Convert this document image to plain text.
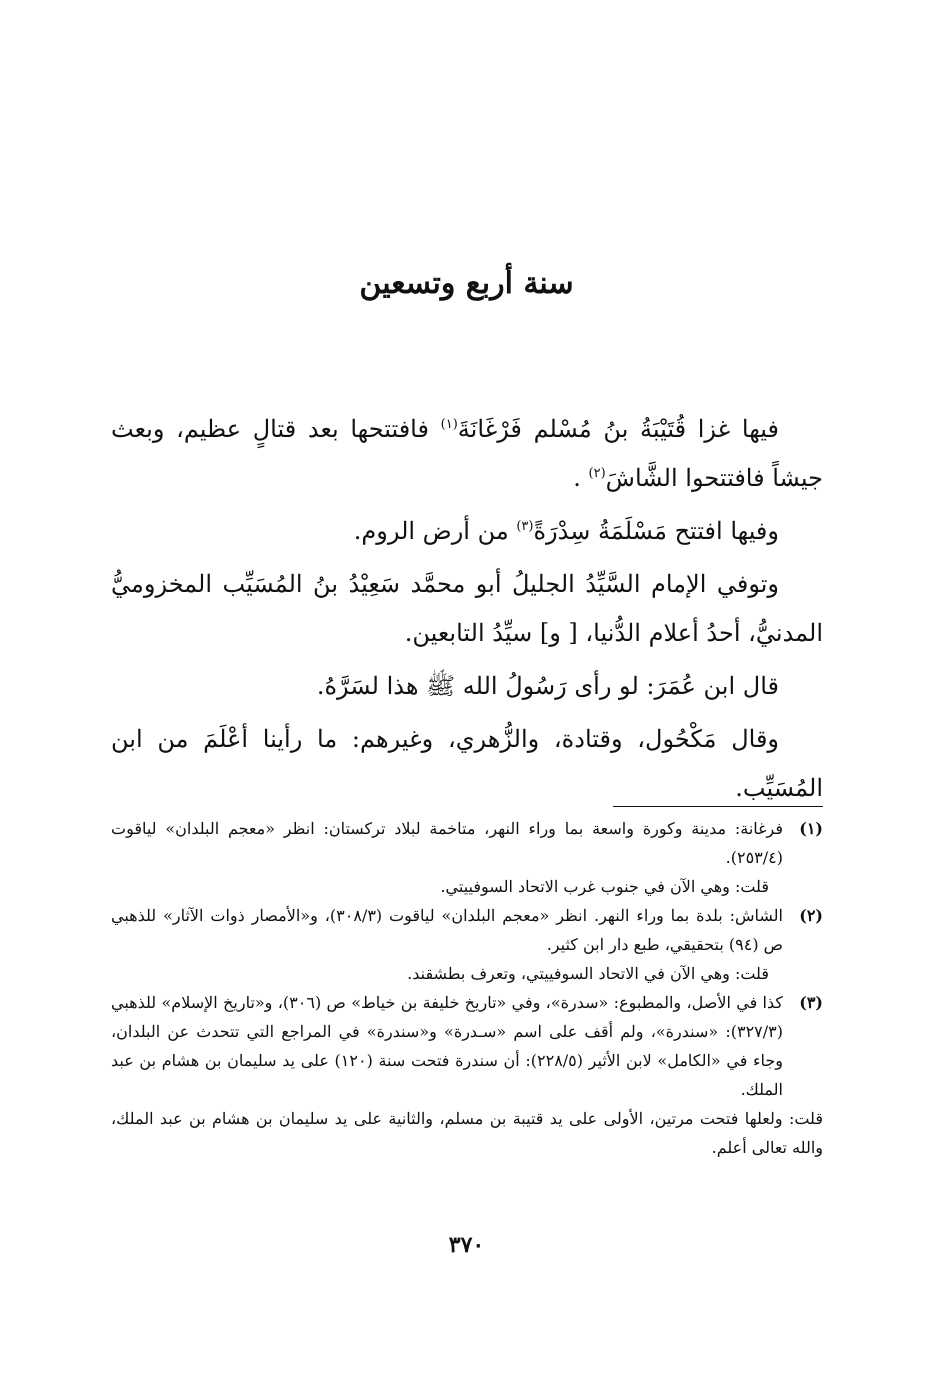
سنة أربع وتسعين

فيها غزا قُتَيْبَةُ بنُ مُسْلم فَرْغَانَةَ$^{(١)}$ فافتتحها بعد قتالٍ عظيم، وبعث جيشاً فافتتحوا الشَّاشَ$^{(٢)}$ .

وفيها افتتح مَسْلَمَةُ سِدْرَةً$^{(٣)}$ من أرض الروم.

وتوفي الإمام السَّيِّدُ الجليلُ أبو محمَّد سَعِيْدُ بنُ المُسَيِّب المخزوميُّ المدنيُّ، أحدُ أعلام الدُّنيا، [ و] سيِّدُ التابعين.

قال ابن عُمَرَ: لو رأى رَسُولُ الله ﷺ هذا لسَرَّهُ.

وقال مَكْحُول، وقتادة، والزُّهري، وغيرهم: ما رأينا أعْلَمَ من ابن المُسَيِّب.

(١)

فرغانة: مدينة وكورة واسعة بما وراء النهر، متاخمة لبلاد تركستان: انظر «معجم البلدان» لياقوت (٢٥٣/٤).

قلت: وهي الآن في جنوب غرب الاتحاد السوفييتي.

(٢)

الشاش: بلدة بما وراء النهر. انظر «معجم البلدان» لياقوت (٣٠٨/٣)، و«الأمصار ذوات الآثار» للذهبي ص (٩٤) بتحقيقي، طبع دار ابن كثير.

قلت: وهي الآن في الاتحاد السوفييتي، وتعرف بطشقند.

(٣)

كذا في الأصل، والمطبوع: «سدرة»، وفي «تاريخ خليفة بن خياط» ص (٣٠٦)، و«تاريخ الإسلام» للذهبي (٣٢٧/٣): «سندرة»، ولم أقف على اسم «سـدرة» و«سندرة» في المراجع التي تتحدث عن البلدان، وجاء في «الكامل» لابن الأثير (٢٢٨/٥): أن سندرة فتحت سنة (١٢٠) على يد سليمان بن هشام بن عبد الملك.

قلت: ولعلها فتحت مرتين، الأولى على يد قتيبة بن مسلم، والثانية على يد سليمان بن هشام بن عبد الملك، والله تعالى أعلم.

٣٧٠
